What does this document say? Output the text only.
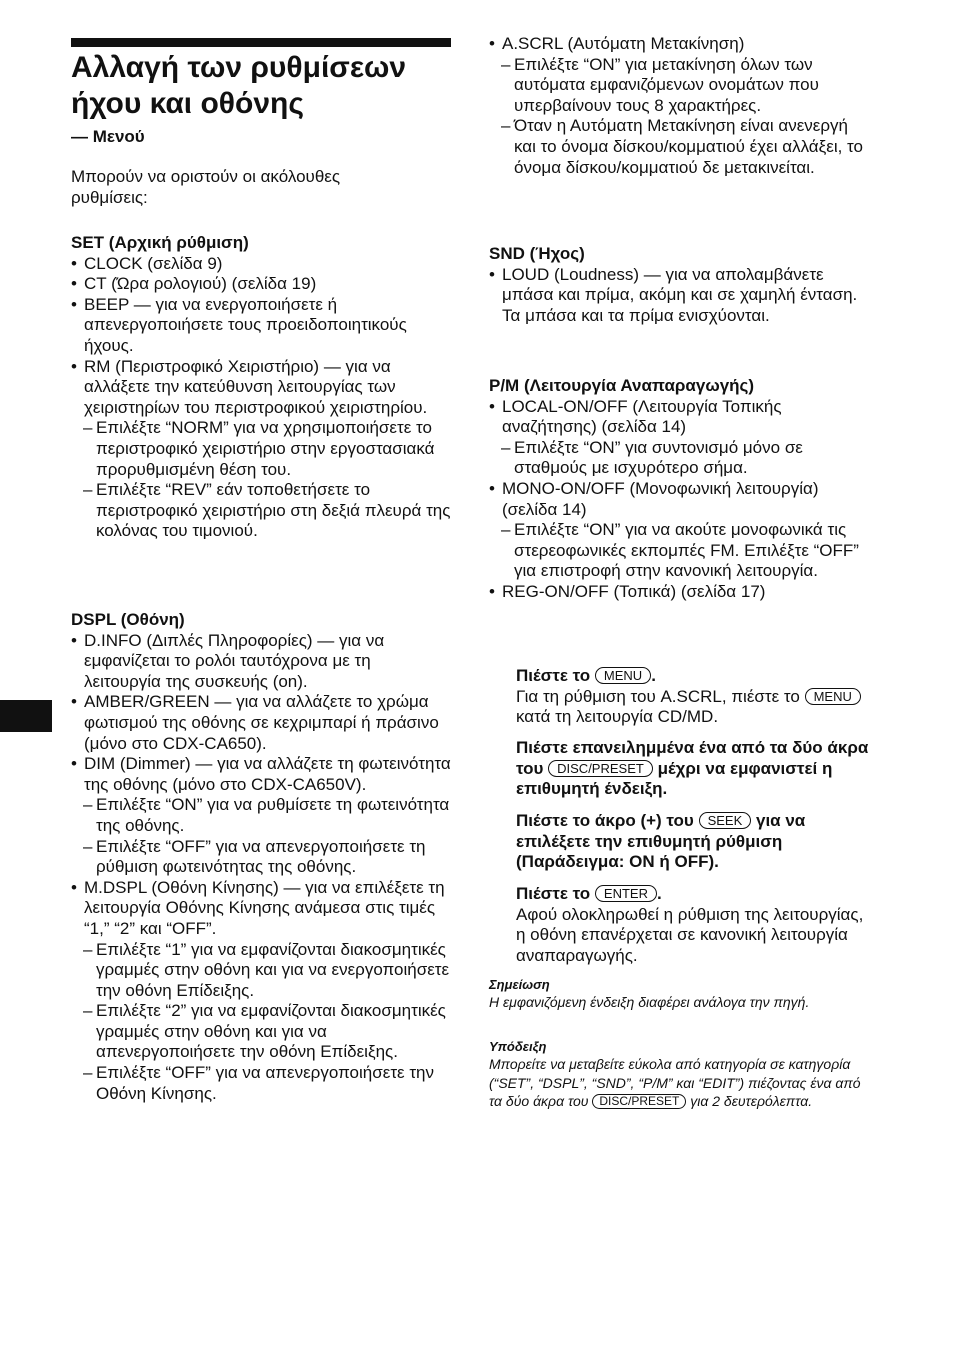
Αλλαγή των ρυθμίσεων
ήχου και οθόνης

— Μενού

Μπορούν να οριστούν οι ακόλουθες ρυθμίσεις:

SET (Αρχική ρύθμιση)

• CLOCK (σελίδα 9)
• CT (Ώρα ρολογιού) (σελίδα 19)
• BEEP — για να ενεργοποιήσετε ή απενεργοποιήσετε τους προειδοποιητικούς ήχους.
• RM (Περιστροφικό Χειριστήριο) — για να αλλάξετε την κατεύθυνση λειτουργίας των χειριστηρίων του περιστροφικού χειριστηρίου.
– Επιλέξτε “NORM” για να χρησιμοποιήσετε το περιστροφικό χειριστήριο στην εργοστασιακά προρυθμισμένη θέση του.
– Επιλέξτε “REV” εάν τοποθετήσετε το περιστροφικό χειριστήριο στη δεξιά πλευρά της κολόνας του τιμονιού.

DSPL (Οθόνη)

• D.INFO (Διπλές Πληροφορίες) — για να εμφανίζεται το ρολόι ταυτόχρονα με τη λειτουργία της συσκευής (on).
• AMBER/GREEN — για να αλλάζετε το χρώμα φωτισμού της οθόνης σε κεχριμπαρί ή πράσινο (μόνο στο CDX-CA650).
• DIM (Dimmer) — για να αλλάζετε τη φωτεινότητα της οθόνης (μόνο στο CDX-CA650V).
– Επιλέξτε “ON” για να ρυθμίσετε τη φωτεινότητα της οθόνης.
– Επιλέξτε “OFF” για να απενεργοποιήσετε τη ρύθμιση φωτεινότητας της οθόνης.
• M.DSPL (Οθόνη Κίνησης) — για να επιλέξετε τη λειτουργία Οθόνης Κίνησης ανάμεσα στις τιμές “1,” “2” και “OFF”.
– Επιλέξτε “1” για να εμφανίζονται διακοσμητικές γραμμές στην οθόνη και για να ενεργοποιήσετε την οθόνη Επίδειξης.
– Επιλέξτε “2” για να εμφανίζονται διακοσμητικές γραμμές στην οθόνη και για να απενεργοποιήσετε την οθόνη Επίδειξης.
– Επιλέξτε “OFF” για να απενεργοποιήσετε την Οθόνη Κίνησης.
• A.SCRL (Αυτόματη Μετακίνηση)
– Επιλέξτε “ON” για μετακίνηση όλων των αυτόματα εμφανιζόμενων ονομάτων που υπερβαίνουν τους 8 χαρακτήρες.
– Όταν η Αυτόματη Μετακίνηση είναι ανενεργή και το όνομα δίσκου/κομματιού έχει αλλάξει, το όνομα δίσκου/κομματιού δε μετακινείται.

SND (Ήχος)

• LOUD (Loudness) — για να απολαμβάνετε μπάσα και πρίμα, ακόμη και σε χαμηλή ένταση. Τα μπάσα και τα πρίμα ενισχύονται.

P/M (Λειτουργία Αναπαραγωγής)

• LOCAL-ON/OFF (Λειτουργία Τοπικής αναζήτησης) (σελίδα 14)
– Επιλέξτε “ON” για συντονισμό μόνο σε σταθμούς με ισχυρότερο σήμα.
• MONO-ON/OFF (Μονοφωνική λειτουργία) (σελίδα 14)
– Επιλέξτε “ON” για να ακούτε μονοφωνικά τις στερεοφωνικές εκπομπές FM. Επιλέξτε “OFF” για επιστροφή στην κανονική λειτουργία.
• REG-ON/OFF (Τοπικά) (σελίδα 17)
Πιέστε το MENU .
Για τη ρύθμιση του A.SCRL, πιέστε το MENU κατά τη λειτουργία CD/MD.
Πιέστε επανειλημμένα ένα από τα δύο άκρα του DISC/PRESET μέχρι να εμφανιστεί η επιθυμητή ένδειξη.
Πιέστε το άκρο (+) του SEEK για να επιλέξετε την επιθυμητή ρύθμιση (Παράδειγμα: ON ή OFF).
Πιέστε το ENTER .
Αφού ολοκληρωθεί η ρύθμιση της λειτουργίας, η οθόνη επανέρχεται σε κανονική λειτουργία αναπαραγωγής.

Σημείωση

Η εμφανιζόμενη ένδειξη διαφέρει ανάλογα την πηγή.

Υπόδειξη

Μπορείτε να μεταβείτε εύκολα από κατηγορία σε κατηγορία (“SET”, “DSPL”, “SND”, “P/M” και “EDIT”) πιέζοντας ένα από τα δύο άκρα του DISC/PRESET για 2 δευτερόλεπτα.
